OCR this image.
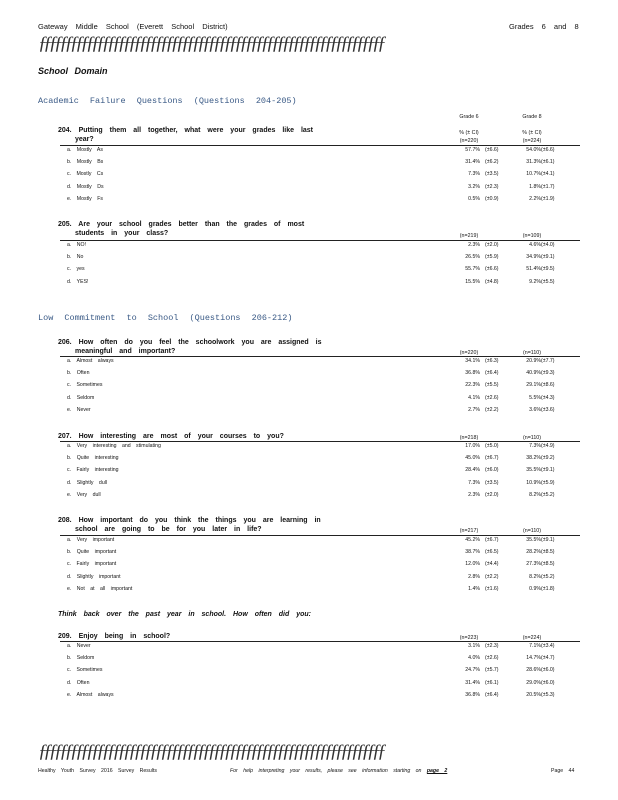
Gateway Middle School (Everett School District)	Grades 6 and 8
ƒƒƒƒƒƒƒƒƒƒƒƒƒƒƒƒƒƒƒƒƒƒƒƒƒƒƒƒƒƒƒƒƒƒƒƒƒƒƒƒƒƒƒƒƒƒƒƒƒƒƒƒƒƒƒƒƒƒƒƒƒƒƒƒƒ
School Domain
Academic Failure Questions (Questions 204-205)
Grade 6	Grade 8
% (± CI)	% (± CI)
204. Putting them all together, what were your grades like last
year?	(n=220)	(n=224)
a. Mostly As	57.7% (±6.6)	54.0% (±6.6)
b. Mostly Bs	31.4% (±6.2)	31.3% (±6.1)
c. Mostly Cs	7.3% (±3.5)	10.7% (±4.1)
d. Mostly Ds	3.2% (±2.3)	1.8% (±1.7)
e. Mostly Fs	0.5% (±0.9)	2.2% (±1.9)
205. Are your school grades better than the grades of most
students in your class?	(n=219)	(n=109)
a. NO!	2.3% (±2.0)	4.6% (±4.0)
b. No	26.5% (±5.9)	34.9% (±9.1)
c. yes	55.7% (±6.6)	51.4% (±9.5)
d. YES!	15.5% (±4.8)	9.2% (±5.5)
Low Commitment to School (Questions 206-212)
206. How often do you feel the schoolwork you are assigned is
meaningful and important?	(n=220)	(n=110)
a. Almost always	34.1% (±6.3)	20.9% (±7.7)
b. Often	36.8% (±6.4)	40.9% (±9.3)
c. Sometimes	22.3% (±5.5)	29.1% (±8.6)
d. Seldom	4.1% (±2.6)	5.5% (±4.3)
e. Never	2.7% (±2.2)	3.6% (±3.6)
207. How interesting are most of your courses to you?	(n=218)	(n=110)
a. Very interesting and stimulating	17.0% (±5.0)	7.3% (±4.9)
b. Quite interesting	45.0% (±6.7)	38.2% (±9.2)
c. Fairly interesting	28.4% (±6.0)	35.5% (±9.1)
d. Slightly dull	7.3% (±3.5)	10.9% (±5.9)
e. Very dull	2.3% (±2.0)	8.2% (±5.2)
208. How important do you think the things you are learning in
school are going to be for you later in life?	(n=217)	(n=110)
a. Very important	45.2% (±6.7)	35.5% (±9.1)
b. Quite important	38.7% (±6.5)	28.2% (±8.5)
c. Fairly important	12.0% (±4.4)	27.3% (±8.5)
d. Slightly important	2.8% (±2.2)	8.2% (±5.2)
e. Not at all important	1.4% (±1.6)	0.9% (±1.8)
Think back over the past year in school. How often did you:
209. Enjoy being in school?	(n=223)	(n=224)
a. Never	3.1% (±2.3)	7.1% (±3.4)
b. Seldom	4.0% (±2.6)	14.7% (±4.7)
c. Sometimes	24.7% (±5.7)	28.6% (±6.0)
d. Often	31.4% (±6.1)	29.0% (±6.0)
e. Almost always	36.8% (±6.4)	20.5% (±5.3)
ƒƒƒƒƒƒƒƒƒƒƒƒƒƒƒƒƒƒƒƒƒƒƒƒƒƒƒƒƒƒƒƒƒƒƒƒƒƒƒƒƒƒƒƒƒƒƒƒƒƒƒƒƒƒƒƒƒƒƒƒƒƒƒƒƒ
Healthy Youth Survey 2016 Survey Results	For help interpreting your results, please see information starting on page 2	Page 44
